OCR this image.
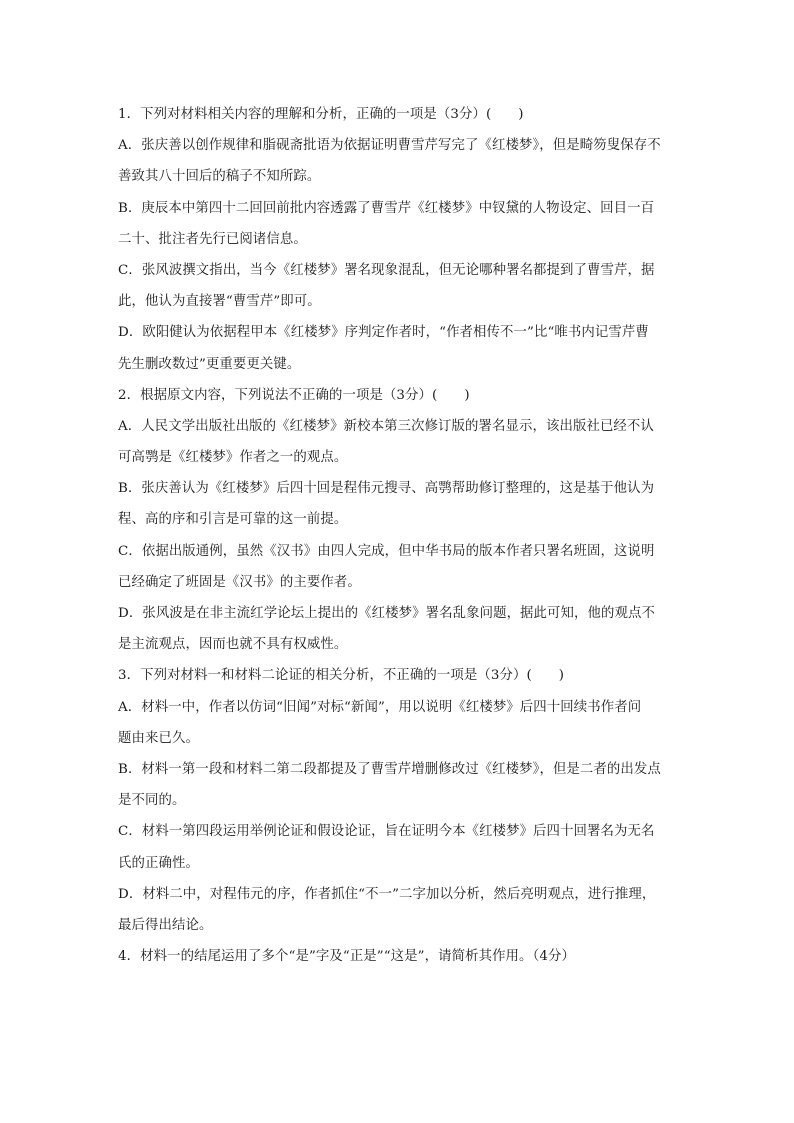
1．下列对材料相关内容的理解和分析，正确的一项是（3分）(　　)
A．张庆善以创作规律和脂砚斋批语为依据证明曹雪芹写完了《红楼梦》，但是畸笏叟保存不
善致其八十回后的稿子不知所踪。
B．庚辰本中第四十二回回前批内容透露了曹雪芹《红楼梦》中钗黛的人物设定、回目一百
二十、批注者先行已阅诸信息。
C．张风波撰文指出，当今《红楼梦》署名现象混乱，但无论哪种署名都提到了曹雪芹，据
此，他认为直接署“曹雪芹”即可。
D．欧阳健认为依据程甲本《红楼梦》序判定作者时，“作者相传不一”比“唯书内记雪芹曹
先生删改数过”更重要更关键。
2．根据原文内容，下列说法不正确的一项是（3分）(　　)
A．人民文学出版社出版的《红楼梦》新校本第三次修订版的署名显示，该出版社已经不认
可高鹗是《红楼梦》作者之一的观点。
B．张庆善认为《红楼梦》后四十回是程伟元搜寻、高鹗帮助修订整理的，这是基于他认为
程、高的序和引言是可靠的这一前提。
C．依据出版通例，虽然《汉书》由四人完成，但中华书局的版本作者只署名班固，这说明
已经确定了班固是《汉书》的主要作者。
D．张风波是在非主流红学论坛上提出的《红楼梦》署名乱象问题，据此可知，他的观点不
是主流观点，因而也就不具有权威性。
3．下列对材料一和材料二论证的相关分析，不正确的一项是（3分）(　　)
A．材料一中，作者以仿词“旧闻”对标“新闻”，用以说明《红楼梦》后四十回续书作者问
题由来已久。
B．材料一第一段和材料二第二段都提及了曹雪芹增删修改过《红楼梦》，但是二者的出发点
是不同的。
C．材料一第四段运用举例论证和假设论证，旨在证明今本《红楼梦》后四十回署名为无名
氏的正确性。
D．材料二中，对程伟元的序，作者抓住“不一”二字加以分析，然后亮明观点，进行推理，
最后得出结论。
4．材料一的结尾运用了多个“是”字及“正是”“这是”，请简析其作用。（4分）
